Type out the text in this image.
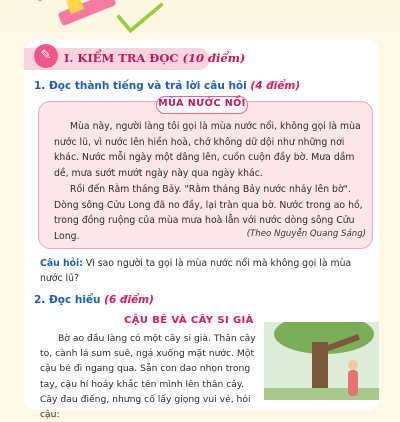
✎	I. KIỂM TRA ĐỌC (10 điểm)
1. Đọc thành tiếng và trả lời câu hỏi (4 điểm)
MÙA NƯỚC NỔI
Mùa này, người làng tôi gọi là mùa nước nổi, không gọi là mùa nước lũ, vì nước lên hiền hoà, chớ không dữ dội như những nơi khác. Nước mỗi ngày một dâng lên, cuồn cuộn đầy bờ. Mưa dầm dề, mưa sướt mướt ngày này qua ngày khác.
Rồi đến Rằm tháng Bảy. "Rằm tháng Bảy nước nhảy lên bờ". Dòng sông Cửu Long đã no đầy, lại tràn qua bờ. Nước trong ao hồ, trong đồng ruộng của mùa mưa hoà lẫn với nước dòng sông Cửu Long.	(Theo Nguyễn Quang Sáng)
Câu hỏi: Vì sao người ta gọi là mùa nước nổi mà không gọi là mùa nước lũ?
2. Đọc hiểu (6 điểm)
CẬU BÉ VÀ CÂY SI GIÀ
Bờ ao đầu làng có một cây si già. Thân cây to, cành lá sum suê, ngả xuống mặt nước. Một cậu bé đi ngang qua. Sẵn con dao nhọn trong tay, cậu hí hoáy khắc tên mình lên thân cây. Cây đau điếng, nhưng cố lấy giọng vui vẻ, hỏi cậu:
